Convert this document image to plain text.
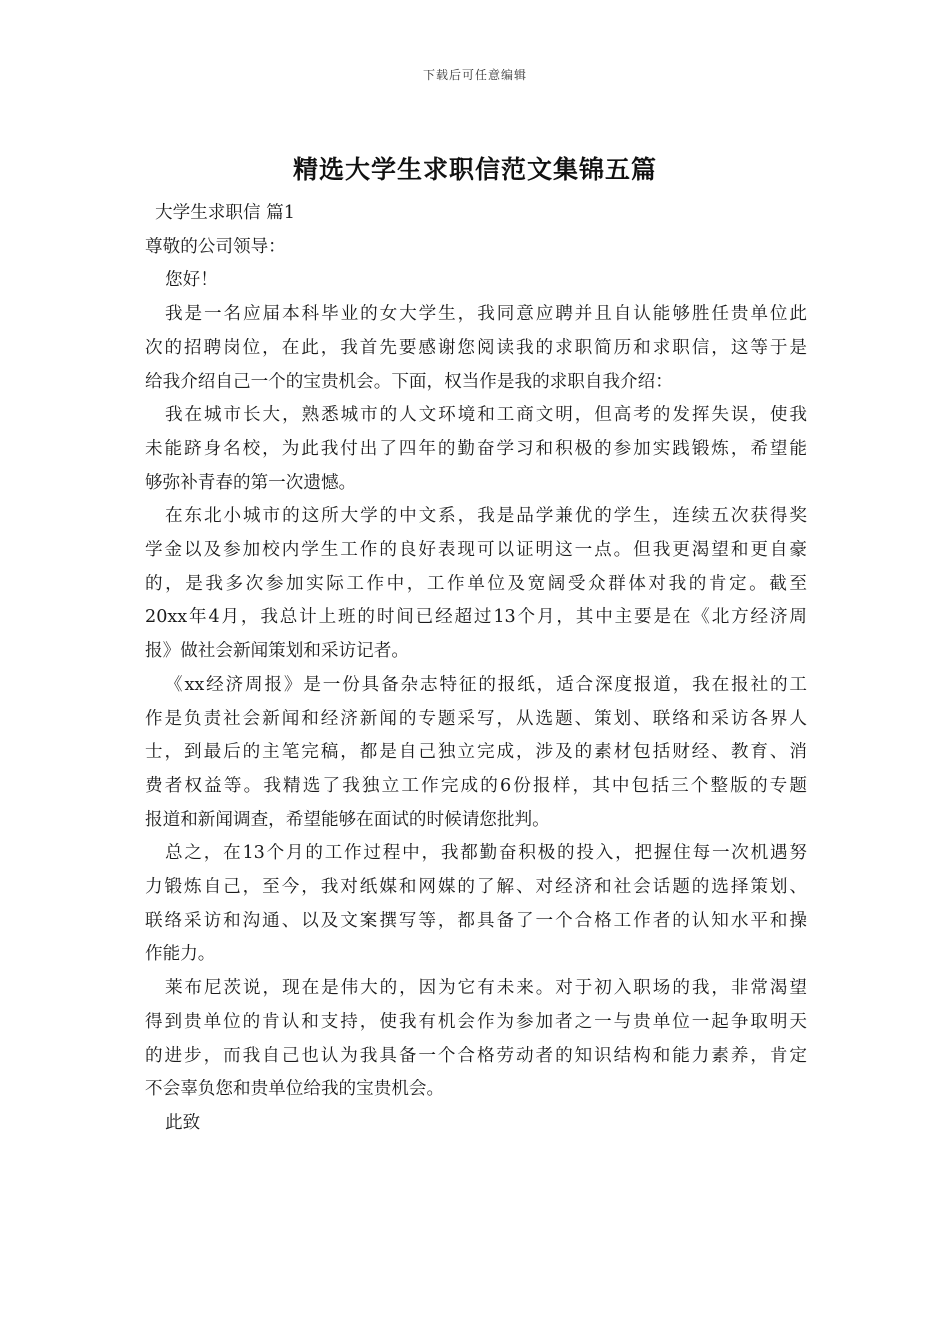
下载后可任意编辑
精选大学生求职信范文集锦五篇

大学生求职信 篇1

尊敬的公司领导：

您好！

我是一名应届本科毕业的女大学生，我同意应聘并且自认能够胜任贵单位此

次的招聘岗位，在此，我首先要感谢您阅读我的求职简历和求职信，这等于是

给我介绍自己一个的宝贵机会。下面，权当作是我的求职自我介绍：

我在城市长大，熟悉城市的人文环境和工商文明，但高考的发挥失误，使我

未能跻身名校，为此我付出了四年的勤奋学习和积极的参加实践锻炼，希望能

够弥补青春的第一次遗憾。

在东北小城市的这所大学的中文系，我是品学兼优的学生，连续五次获得奖

学金以及参加校内学生工作的良好表现可以证明这一点。但我更渴望和更自豪

的，是我多次参加实际工作中，工作单位及宽阔受众群体对我的肯定。截至

20xx年4月，我总计上班的时间已经超过13个月，其中主要是在《北方经济周

报》做社会新闻策划和采访记者。

《xx经济周报》是一份具备杂志特征的报纸，适合深度报道，我在报社的工

作是负责社会新闻和经济新闻的专题采写，从选题、策划、联络和采访各界人

士，到最后的主笔完稿，都是自己独立完成，涉及的素材包括财经、教育、消

费者权益等。我精选了我独立工作完成的6份报样，其中包括三个整版的专题

报道和新闻调查，希望能够在面试的时候请您批判。

总之，在13个月的工作过程中，我都勤奋积极的投入，把握住每一次机遇努

力锻炼自己，至今，我对纸媒和网媒的了解、对经济和社会话题的选择策划、

联络采访和沟通、以及文案撰写等，都具备了一个合格工作者的认知水平和操

作能力。

莱布尼茨说，现在是伟大的，因为它有未来。对于初入职场的我，非常渴望

得到贵单位的肯认和支持，使我有机会作为参加者之一与贵单位一起争取明天

的进步，而我自己也认为我具备一个合格劳动者的知识结构和能力素养，肯定

不会辜负您和贵单位给我的宝贵机会。

此致
